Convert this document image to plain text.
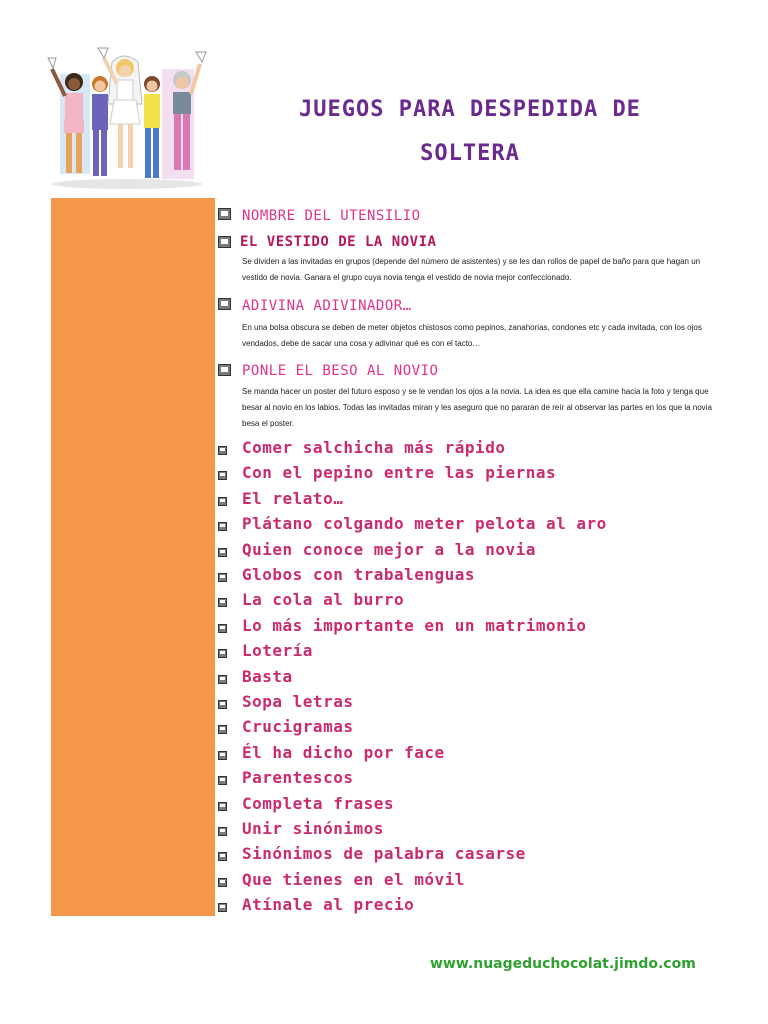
JUEGOS PARA DESPEDIDA DE
SOLTERA
NOMBRE DEL UTENSILIO
EL VESTIDO DE LA NOVIA
Se dividen a las invitadas en grupos (depende del número de asistentes) y se les dan rollos de papel de baño para que hagan un vestido de novia. Ganara el grupo cuya novia tenga el vestido de novia mejor confeccionado.
ADIVINA ADIVINADOR…
En una bolsa obscura se deben de meter objetos chistosos como pepinos, zanahorias, condones etc y cada invitada, con los ojos vendados, debe de sacar una cosa y adivinar qué es con el tacto…
PONLE EL BESO AL NOVIO
Se manda hacer un poster del futuro esposo y se le vendan los ojos a la novia. La idea es que ella camine hacia la foto y tenga que besar al novio en los labios. Todas las invitadas miran y les aseguro que no pararan de reír al observar las partes en los que la novia besa el poster.
Comer salchicha más rápido
Con el pepino entre las piernas
El relato…
Plátano colgando meter pelota al aro
Quien conoce mejor a la novia
Globos con trabalenguas
La cola al burro
Lo más importante en un matrimonio
Lotería
Basta
Sopa letras
Crucigramas
Él ha dicho por face
Parentescos
Completa frases
Unir sinónimos
Sinónimos de palabra casarse
Que tienes en el móvil
Atínale al precio
www.nuageduchocolat.jimdo.com
